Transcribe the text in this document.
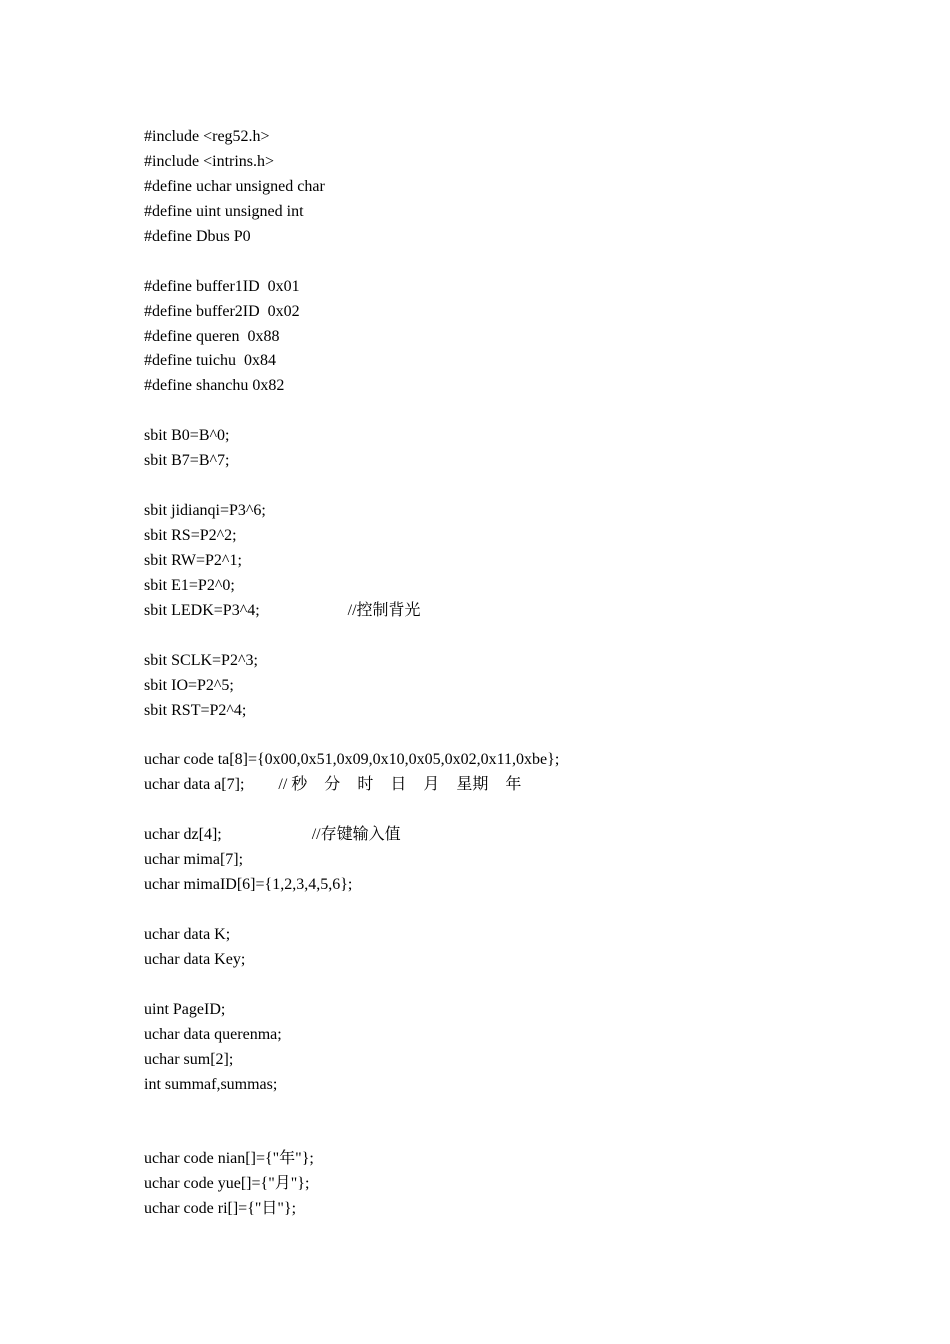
#include <reg52.h>
#include <intrins.h>
#define uchar unsigned char
#define uint unsigned int
#define Dbus P0
#define buffer1ID  0x01
#define buffer2ID  0x02
#define queren  0x88
#define tuichu  0x84
#define shanchu 0x82
sbit B0=B^0;
sbit B7=B^7;
sbit jidianqi=P3^6;
sbit RS=P2^2;
sbit RW=P2^1;
sbit E1=P2^0;
sbit LEDK=P3^4;	//控制背光
sbit SCLK=P2^3;
sbit IO=P2^5;
sbit RST=P2^4;
uchar code ta[8]={0x00,0x51,0x09,0x10,0x05,0x02,0x11,0xbe};
uchar data a[7]; // 秒 分 时 日 月 星期 年
uchar dz[4];	//存键输入值
uchar mima[7];
uchar mimaID[6]={1,2,3,4,5,6};
uchar data K;
uchar data Key;
uint PageID;
uchar data querenma;
uchar sum[2];
int summaf,summas;
uchar code nian[]={"年"};
uchar code yue[]={"月"};
uchar code ri[]={"日"};
